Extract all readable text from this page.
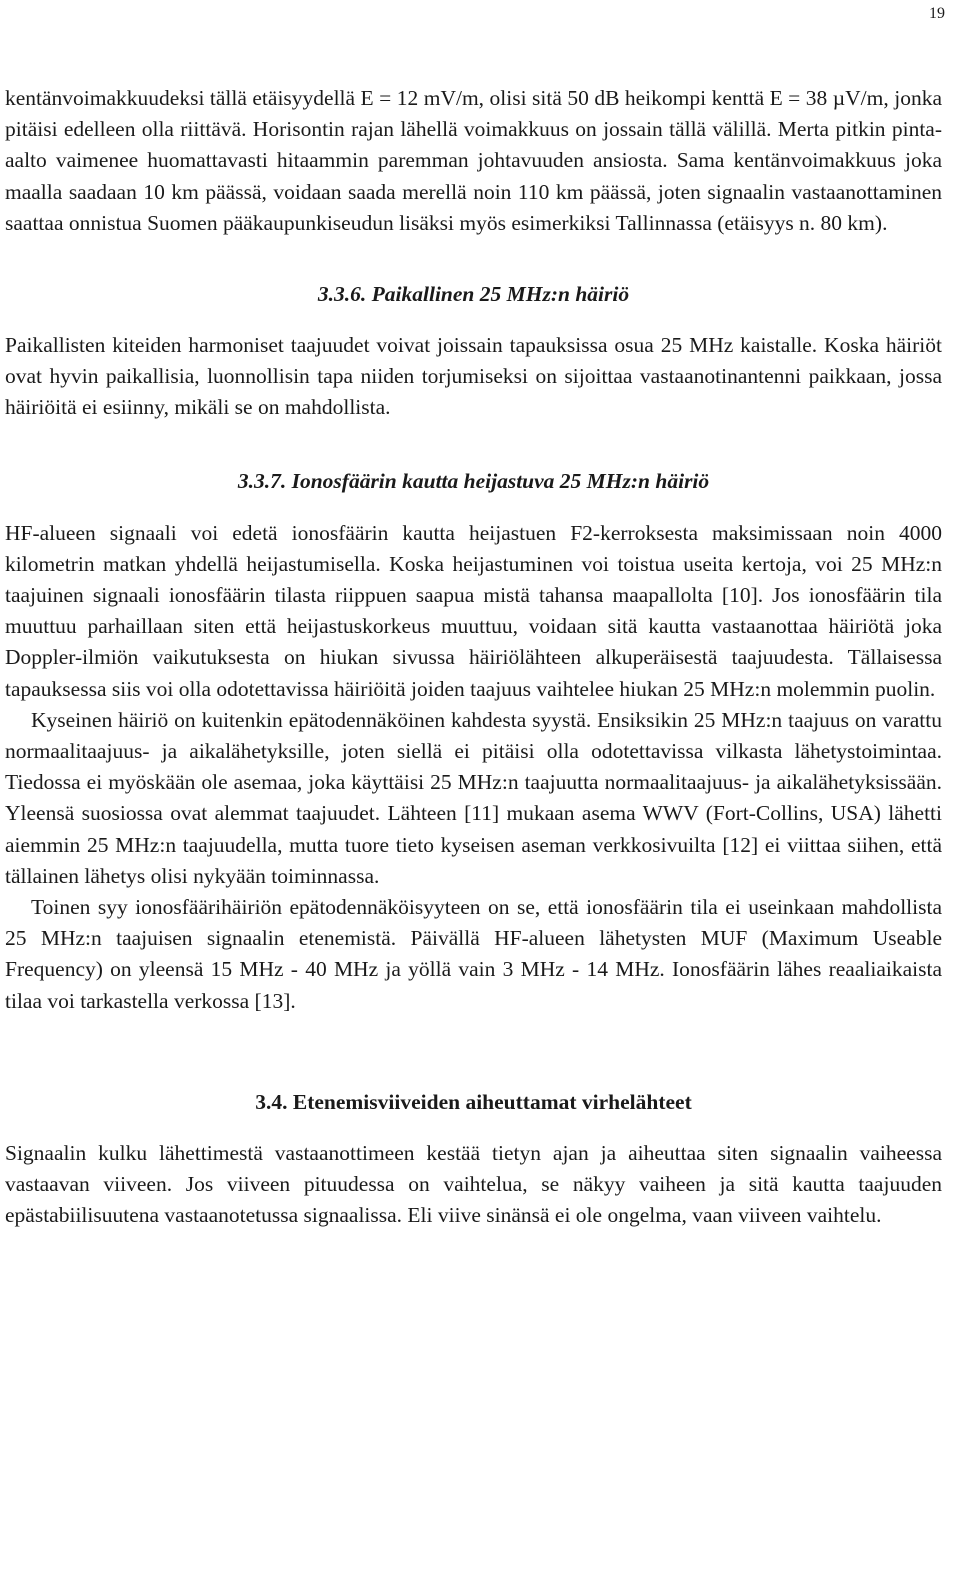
19

kentänvoimakkuudeksi tällä etäisyydellä E = 12 mV/m, olisi sitä 50 dB heikompi kenttä E = 38 µV/m, jonka pitäisi edelleen olla riittävä. Horisontin rajan lähellä voimakkuus on jossain tällä välillä. Merta pitkin pinta-aalto vaimenee huomattavasti hitaammin paremman johtavuuden ansiosta. Sama kentänvoimakkuus joka maalla saadaan 10 km päässä, voidaan saada merellä noin 110 km päässä, joten signaalin vastaanottaminen saattaa onnistua Suomen pääkaupunkiseudun lisäksi myös esimerkiksi Tallinnassa (etäisyys n. 80 km).

3.3.6. Paikallinen 25 MHz:n häiriö

Paikallisten kiteiden harmoniset taajuudet voivat joissain tapauksissa osua 25 MHz kaistalle. Koska häiriöt ovat hyvin paikallisia, luonnollisin tapa niiden torjumiseksi on sijoittaa vastaanotinantenni paikkaan, jossa häiriöitä ei esiinny, mikäli se on mahdollista.

3.3.7. Ionosfäärin kautta heijastuva 25 MHz:n häiriö

HF-alueen signaali voi edetä ionosfäärin kautta heijastuen F2-kerroksesta maksimissaan noin 4000 kilometrin matkan yhdellä heijastumisella. Koska heijastuminen voi toistua useita kertoja, voi 25 MHz:n taajuinen signaali ionosfäärin tilasta riippuen saapua mistä tahansa maapallolta [10]. Jos ionosfäärin tila muuttuu parhaillaan siten että heijastuskorkeus muuttuu, voidaan sitä kautta vastaanottaa häiriötä joka Doppler-ilmiön vaikutuksesta on hiukan sivussa häiriölähteen alkuperäisestä taajuudesta. Tällaisessa tapauksessa siis voi olla odotettavissa häiriöitä joiden taajuus vaihtelee hiukan 25 MHz:n molemmin puolin.

Kyseinen häiriö on kuitenkin epätodennäköinen kahdesta syystä. Ensiksikin 25 MHz:n taajuus on varattu normaalitaajuus- ja aikalähetyksille, joten siellä ei pitäisi olla odotettavissa vilkasta lähetystoimintaa. Tiedossa ei myöskään ole asemaa, joka käyttäisi 25 MHz:n taajuutta normaalitaajuus- ja aikalähetyksissään. Yleensä suosiossa ovat alemmat taajuudet. Lähteen [11] mukaan asema WWV (Fort-Collins, USA) lähetti aiemmin 25 MHz:n taajuudella, mutta tuore tieto kyseisen aseman verkkosivuilta [12] ei viittaa siihen, että tällainen lähetys olisi nykyään toiminnassa.

Toinen syy ionosfäärihäiriön epätodennäköisyyteen on se, että ionosfäärin tila ei useinkaan mahdollista 25 MHz:n taajuisen signaalin etenemistä. Päivällä HF-alueen lähetysten MUF (Maximum Useable Frequency) on yleensä 15 MHz - 40 MHz ja yöllä vain 3 MHz - 14 MHz. Ionosfäärin lähes reaaliaikaista tilaa voi tarkastella verkossa [13].

3.4. Etenemisviiveiden aiheuttamat virhelähteet

Signaalin kulku lähettimestä vastaanottimeen kestää tietyn ajan ja aiheuttaa siten signaalin vaiheessa vastaavan viiveen. Jos viiveen pituudessa on vaihtelua, se näkyy vaiheen ja sitä kautta taajuuden epästabiilisuutena vastaanotetussa signaalissa. Eli viive sinänsä ei ole ongelma, vaan viiveen vaihtelu.
